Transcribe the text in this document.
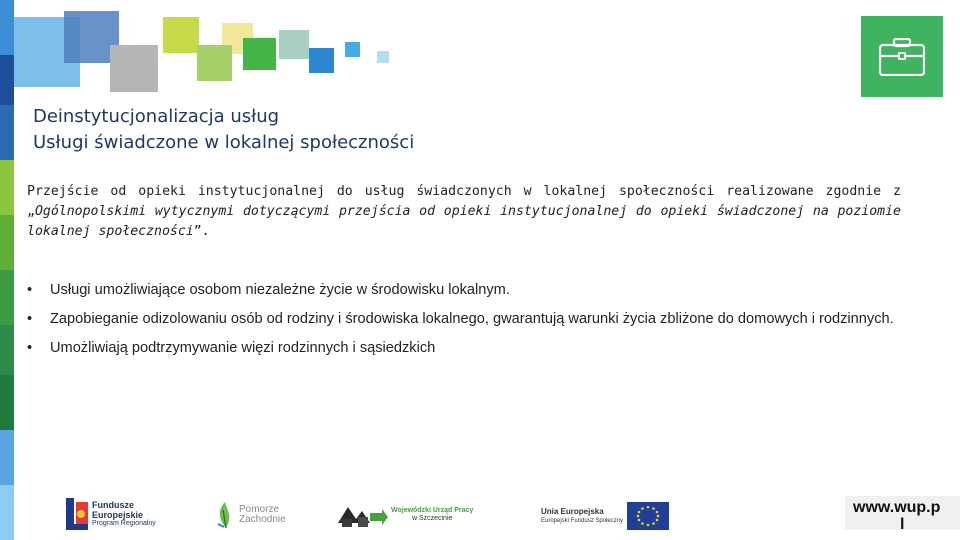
Deinstytucjonalizacja usług
Usługi świadczone w lokalnej społeczności
Przejście od opieki instytucjonalnej do usług świadczonych w lokalnej społeczności realizowane zgodnie z „Ogólnopolskimi wytycznymi dotyczącymi przejścia od opieki instytucjonalnej do opieki świadczonej na poziomie lokalnej społeczności”.
• Usługi umożliwiające osobom niezależne życie w środowisku lokalnym.
• Zapobieganie odizolowaniu osób od rodziny i środowiska lokalnego, gwarantują warunki życia zbliżone do domowych i rodzinnych.
• Umożliwiają podtrzymywanie więzi rodzinnych i sąsiedzkich
Fundusze
Europejskie
Program Regionalny
Pomorze
Zachodnie
Wojewódzki Urząd Pracy
w Szczecinie
Unia Europejska
Europejski Fundusz Społeczny
www.wup.p
l
